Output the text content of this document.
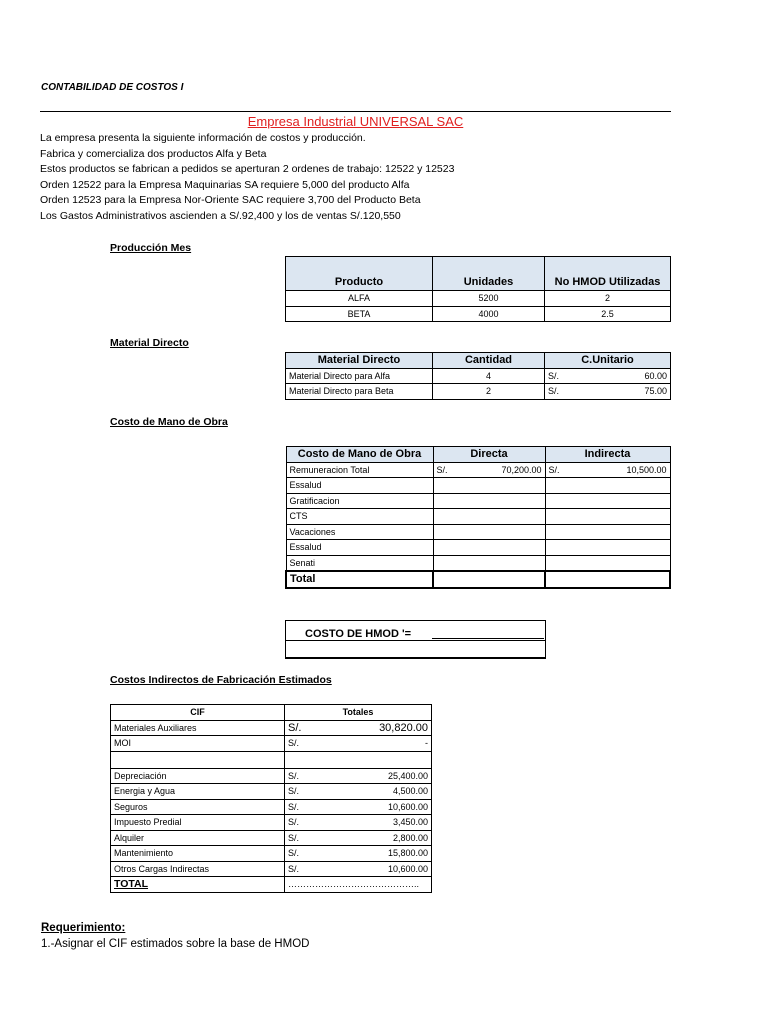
CONTABILIDAD DE COSTOS I
Empresa Industrial UNIVERSAL SAC
La empresa presenta la siguiente información de costos y producción.
Fabrica y comercializa dos productos Alfa y Beta
Estos productos se fabrican a pedidos se aperturan 2 ordenes de trabajo: 12522 y 12523
Orden 12522 para la Empresa Maquinarias SA requiere 5,000 del producto Alfa
Orden 12523 para la Empresa Nor-Oriente SAC requiere 3,700 del Producto Beta
Los Gastos Administrativos ascienden a S/.92,400 y los de ventas S/.120,550
Producción Mes
Producto	Unidades	No HMOD Utilizadas
ALFA	5200	2
BETA	4000	2.5
Material Directo
Material Directo	Cantidad	C.Unitario
Material Directo para Alfa	4	S/. 60.00
Material Directo para Beta	2	S/. 75.00
Costo de Mano de Obra
Costo de Mano de Obra	Directa	Indirecta
Remuneracion Total	S/. 70,200.00	S/. 10,500.00
Essalud		
Gratificacion		
CTS		
Vacaciones		
Essalud		
Senati		
Total		
COSTO DE HMOD '=
Costos Indirectos de Fabricación Estimados
CIF	Totales
Materiales Auxiliares	S/. 30,820.00
MOI	S/. -

Depreciación	S/. 25,400.00
Energia y Agua	S/. 4,500.00
Seguros	S/. 10,600.00
Impuesto Predial	S/. 3,450.00
Alquiler	S/. 2,800.00
Mantenimiento	S/. 15,800.00
Otros Cargas Indirectas	S/. 10,600.00
TOTAL	……………………………………..
Requerimiento:
1.-Asignar el CIF estimados sobre la base de HMOD
